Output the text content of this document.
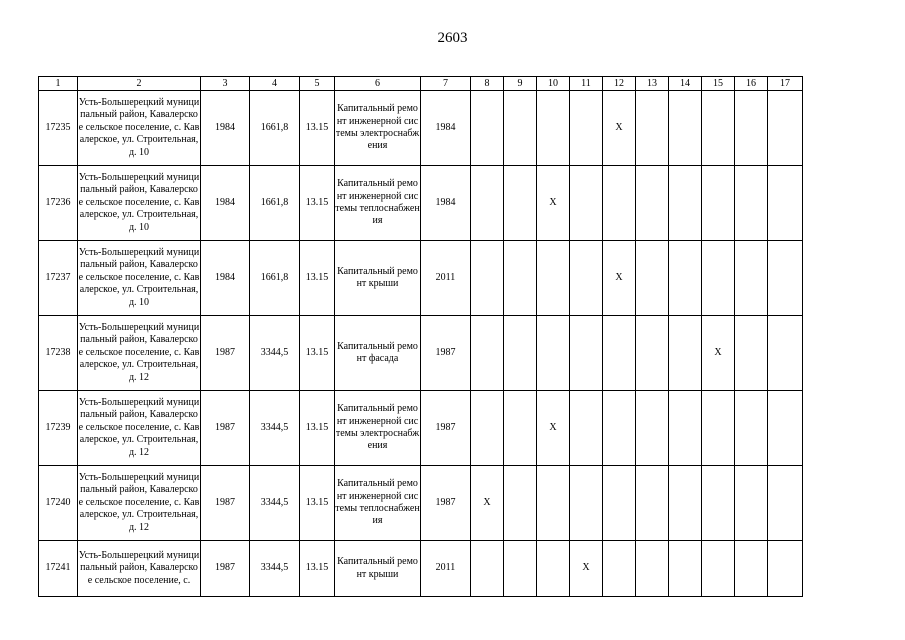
2603
1	2	3	4	5	6	7	8	9	10	11	12	13	14	15	16	17

17235	Усть-Большерецкий муниципальный район, Кавалерское сельское поселение, с. Кавалерское, ул. Строительная,д. 10	1984	1661,8	13.15	Капитальный ремонт инженерной системы электроснабжения	1984					X					

17236	Усть-Большерецкий муниципальный район, Кавалерское сельское поселение, с. Кавалерское, ул. Строительная,д. 10	1984	1661,8	13.15	Капитальный ремонт инженерной системы теплоснабжения	1984			X							

17237	Усть-Большерецкий муниципальный район, Кавалерское сельское поселение, с. Кавалерское, ул. Строительная,д. 10	1984	1661,8	13.15	Капитальный ремонт крыши	2011					X					

17238	Усть-Большерецкий муниципальный район, Кавалерское сельское поселение, с. Кавалерское, ул. Строительная,д. 12	1987	3344,5	13.15	Капитальный ремонт фасада	1987								X		

17239	Усть-Большерецкий муниципальный район, Кавалерское сельское поселение, с. Кавалерское, ул. Строительная,д. 12	1987	3344,5	13.15	Капитальный ремонт инженерной системы электроснабжения	1987			X							

17240	Усть-Большерецкий муниципальный район, Кавалерское сельское поселение, с. Кавалерское, ул. Строительная,д. 12	1987	3344,5	13.15	Капитальный ремонт инженерной системы теплоснабжения	1987	X									

17241	Усть-Большерецкий муниципальный район, Кавалерское сельское поселение, с.	1987	3344,5	13.15	Капитальный ремонт крыши	2011				X						
